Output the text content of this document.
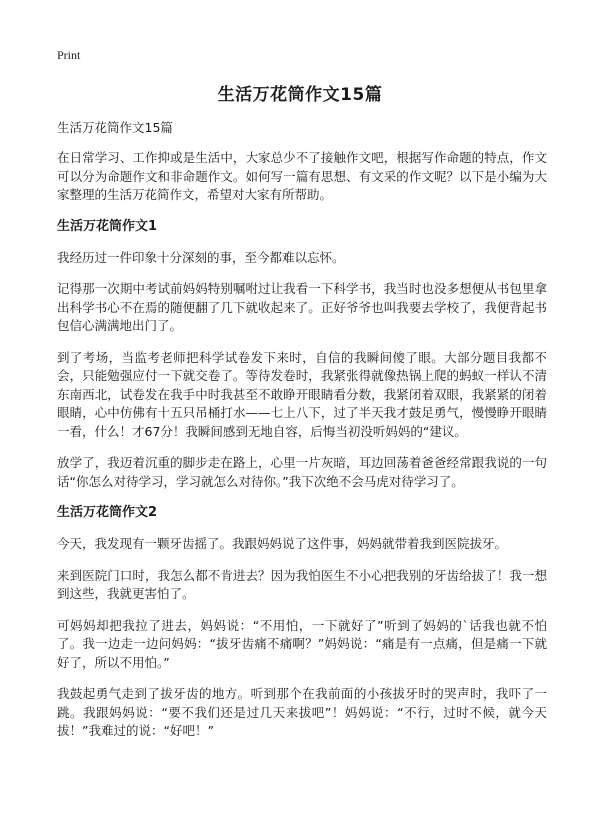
Print
生活万花筒作文15篇

生活万花筒作文15篇

在日常学习、工作抑或是生活中，大家总少不了接触作文吧，根据写作命题的特点，作文可以分为命题作文和非命题作文。如何写一篇有思想、有文采的作文呢？以下是小编为大家整理的生活万花简作文，希望对大家有所帮助。

生活万花筒作文1

我经历过一件印象十分深刻的事，至今都难以忘怀。

记得那一次期中考试前妈妈特别嘱咐过让我看一下科学书，我当时也没多想便从书包里拿出科学书心不在焉的随便翻了几下就收起来了。正好爷爷也叫我要去学校了，我便背起书包信心满满地出门了。

到了考场，当监考老师把科学试卷发下来时，自信的我瞬间傻了眼。大部分题目我都不会，只能勉强应付一下就交卷了。等待发卷时，我紧张得就像热锅上爬的蚂蚁一样认不清东南西北，试卷发在我手中时我甚至不敢睁开眼睛看分数，我紧闭着双眼，我紧紧的闭着眼睛，心中仿佛有十五只吊桶打水——七上八下，过了半天我才鼓足勇气，慢慢睁开眼睛一看，什么！才67分！我瞬间感到无地自容，后悔当初没听妈妈的“建议。

放学了，我迈着沉重的脚步走在路上，心里一片灰暗，耳边回荡着爸爸经常跟我说的一句话“你怎么对待学习，学习就怎么对待你。”我下次绝不会马虎对待学习了。

生活万花筒作文2

今天，我发现有一颗牙齿摇了。我跟妈妈说了这件事，妈妈就带着我到医院拔牙。

来到医院门口时，我怎么都不肯进去？因为我怕医生不小心把我别的牙齿给拔了！我一想到这些，我就更害怕了。

可妈妈却把我拉了进去，妈妈说：“不用怕，一下就好了”听到了妈妈的`话我也就不怕了。我一边走一边问妈妈：“拔牙齿痛不痛啊？”妈妈说：“痛是有一点痛，但是痛一下就好了，所以不用怕。”

我鼓起勇气走到了拔牙齿的地方。听到那个在我前面的小孩拔牙时的哭声时，我吓了一跳。我跟妈妈说：“要不我们还是过几天来拔吧”！妈妈说：“不行，过时不候，就今天拔！”我难过的说：“好吧！”
